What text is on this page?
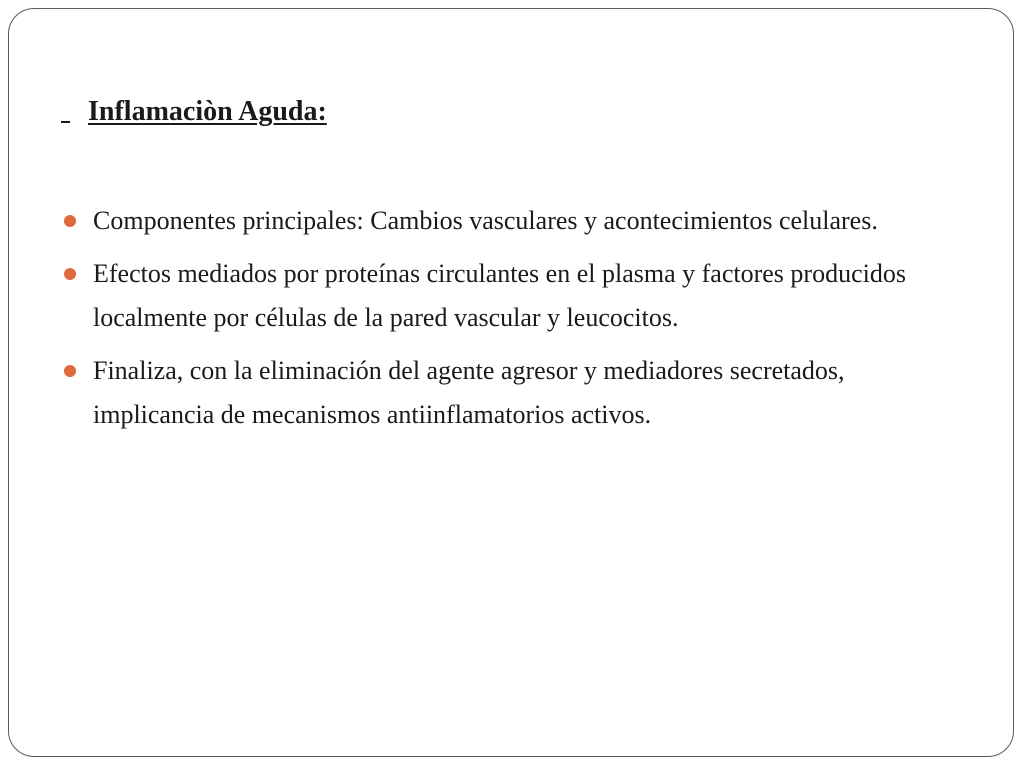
Inflamaciòn Aguda:
Componentes principales: Cambios vasculares y acontecimientos celulares.
Efectos mediados por proteínas circulantes en el plasma y factores producidos localmente por células de la pared vascular y leucocitos.
Finaliza, con la eliminación del agente agresor y mediadores secretados, implicancia de mecanismos antiinflamatorios activos.
